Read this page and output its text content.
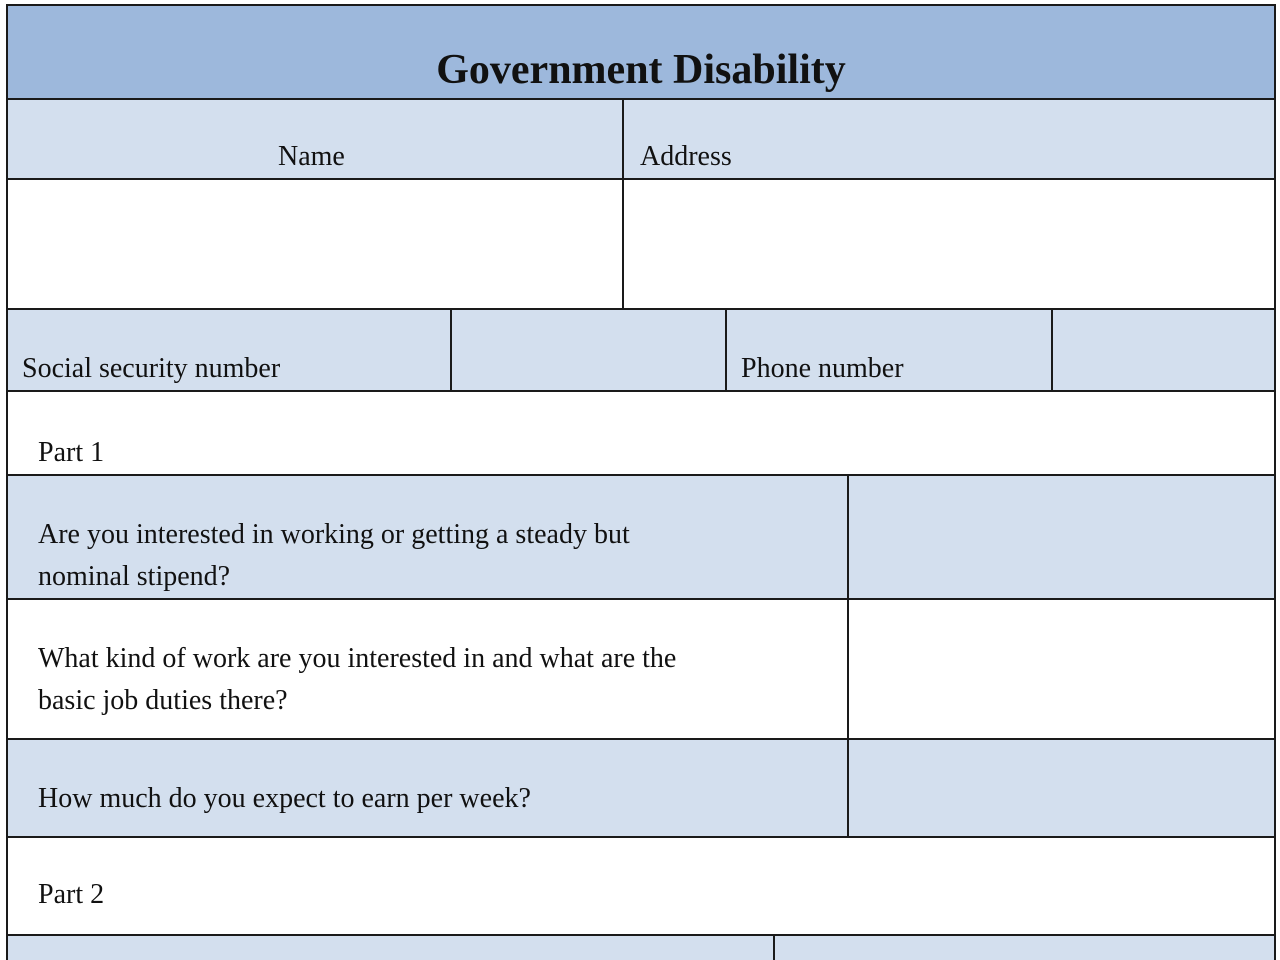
Government Disability
Name	Address
Social security number	Phone number
Part 1
Are you interested in working or getting a steady but
nominal stipend?
What kind of work are you interested in and what are the
basic job duties there?
How much do you expect to earn per week?
Part 2
